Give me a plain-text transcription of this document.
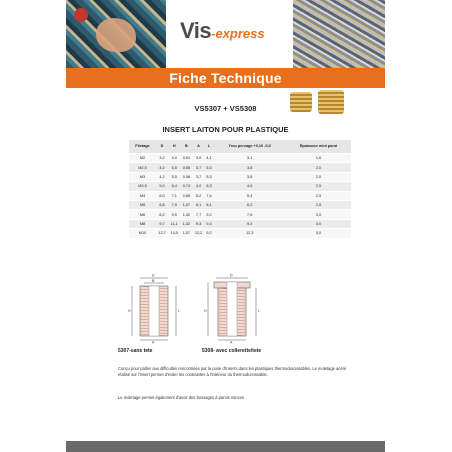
Vis-express
Fiche Technique
VS5307 + VS5308
INSERT LAITON POUR PLASTIQUE
Filetage	D	H	B	A	L	Trou percage +0,10 -0,0	Épaisseur mini paroi
M2	3,2	4,0	0,51	3,0	4,1	3,1	1,6
M2,5	4,2	5,5	0,56	3,7	5,3	3,8	2,0
M3	4,2	5,5	0,58	3,7	5,3	3,8	2,0
M3,5	5,0	6,4	0,74	4,0	6,3	4,6	2,5
M4	6,0	7,1	0,89	5,2	7,4	5,4	2,5
M5	6,8	7,9	1,07	6,1	8,1	6,2	2,5
M6	8,2	9,5	1,32	7,7	9,2	7,6	3,0
M8	9,7	11,1	1,32	9,3	9,3	9,2	3,0
M10	12,7	14,0	1,57	12,2	9,2	12,3	5,0
D
B
H	L
A
D
H	L
A
5307-sans tete	5308- avec collerette/tete
Conçu pour pallier aux difficultés rencontrées par la pose d'inserts dans les plastiques thermodurcissables. Le moletage acéré réalisé sur l'insert permet d'éviter les contraintes à l'intérieur du thermodurcissable.
Le moletage permet également d'avoir des bossages à parois minces
